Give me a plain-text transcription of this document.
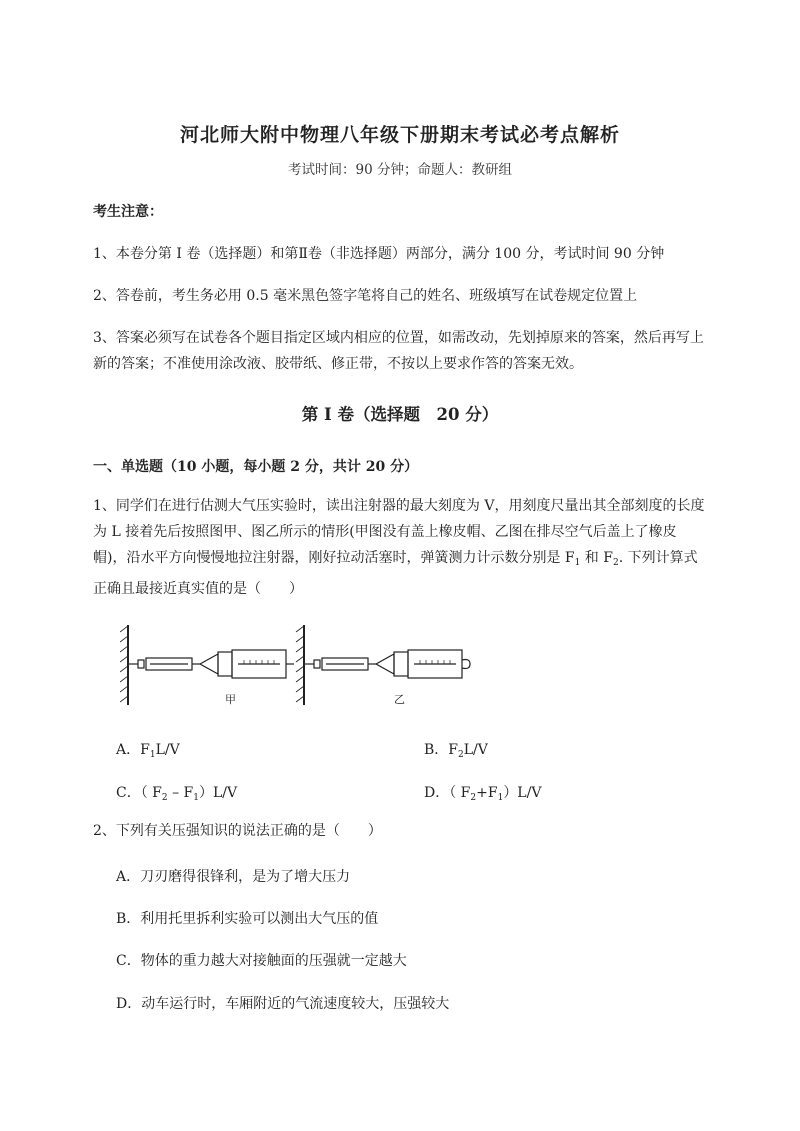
河北师大附中物理八年级下册期末考试必考点解析
考试时间：90 分钟；命题人：教研组
考生注意：
1、本卷分第 I 卷（选择题）和第Ⅱ卷（非选择题）两部分，满分 100 分，考试时间 90 分钟
2、答卷前，考生务必用 0.5 毫米黑色签字笔将自己的姓名、班级填写在试卷规定位置上
3、答案必须写在试卷各个题目指定区域内相应的位置，如需改动，先划掉原来的答案，然后再写上新的答案；不准使用涂改液、胶带纸、修正带，不按以上要求作答的答案无效。
第 I 卷（选择题　20 分）
一、单选题（10 小题，每小题 2 分，共计 20 分）
1、同学们在进行估测大气压实验时，读出注射器的最大刻度为 V，用刻度尺量出其全部刻度的长度为 L 接着先后按照图甲、图乙所示的情形(甲图没有盖上橡皮帽、乙图在排尽空气后盖上了橡皮帽)，沿水平方向慢慢地拉注射器，刚好拉动活塞时，弹簧测力计示数分别是 $F_1$ 和 $F_2$. 下列计算式正确且最接近真实值的是（　　）
甲	乙
A．$F_1L/V$	B．$F_2L/V$
C．（ $F_2 - F_1)L/V$	D．（ $F_2+F_1)L/V$
2、下列有关压强知识的说法正确的是（　　）
A．刀刃磨得很锋利，是为了增大压力
B．利用托里拆利实验可以测出大气压的值
C．物体的重力越大对接触面的压强就一定越大
D．动车运行时，车厢附近的气流速度较大，压强较大
